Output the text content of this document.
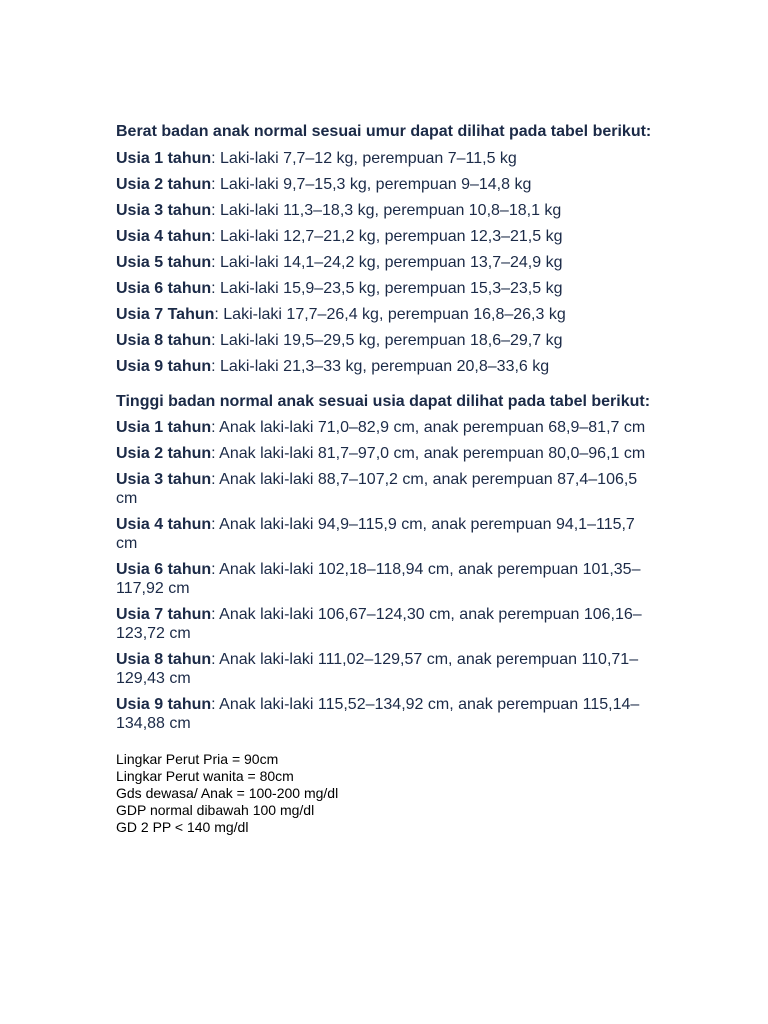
Berat badan anak normal sesuai umur dapat dilihat pada tabel berikut:

Usia 1 tahun: Laki-laki 7,7–12 kg, perempuan 7–11,5 kg

Usia 2 tahun: Laki-laki 9,7–15,3 kg, perempuan 9–14,8 kg

Usia 3 tahun: Laki-laki 11,3–18,3 kg, perempuan 10,8–18,1 kg

Usia 4 tahun: Laki-laki 12,7–21,2 kg, perempuan 12,3–21,5 kg

Usia 5 tahun: Laki-laki 14,1–24,2 kg, perempuan 13,7–24,9 kg

Usia 6 tahun: Laki-laki 15,9–23,5 kg, perempuan 15,3–23,5 kg

Usia 7 Tahun: Laki-laki 17,7–26,4 kg, perempuan 16,8–26,3 kg

Usia 8 tahun: Laki-laki 19,5–29,5 kg, perempuan 18,6–29,7 kg

Usia 9 tahun: Laki-laki 21,3–33 kg, perempuan 20,8–33,6 kg

Tinggi badan normal anak sesuai usia dapat dilihat pada tabel berikut:

Usia 1 tahun: Anak laki-laki 71,0–82,9 cm, anak perempuan 68,9–81,7 cm

Usia 2 tahun: Anak laki-laki 81,7–97,0 cm, anak perempuan 80,0–96,1 cm

Usia 3 tahun: Anak laki-laki 88,7–107,2 cm, anak perempuan 87,4–106,5 cm

Usia 4 tahun: Anak laki-laki 94,9–115,9 cm, anak perempuan 94,1–115,7 cm

Usia 6 tahun: Anak laki-laki 102,18–118,94 cm, anak perempuan 101,35–117,92 cm

Usia 7 tahun: Anak laki-laki 106,67–124,30 cm, anak perempuan 106,16–123,72 cm

Usia 8 tahun: Anak laki-laki 111,02–129,57 cm, anak perempuan 110,71–129,43 cm

Usia 9 tahun: Anak laki-laki 115,52–134,92 cm, anak perempuan 115,14–134,88 cm

Lingkar Perut Pria = 90cm
Lingkar Perut wanita = 80cm
Gds dewasa/ Anak = 100-200 mg/dl
GDP normal dibawah 100 mg/dl
GD 2 PP < 140 mg/dl
